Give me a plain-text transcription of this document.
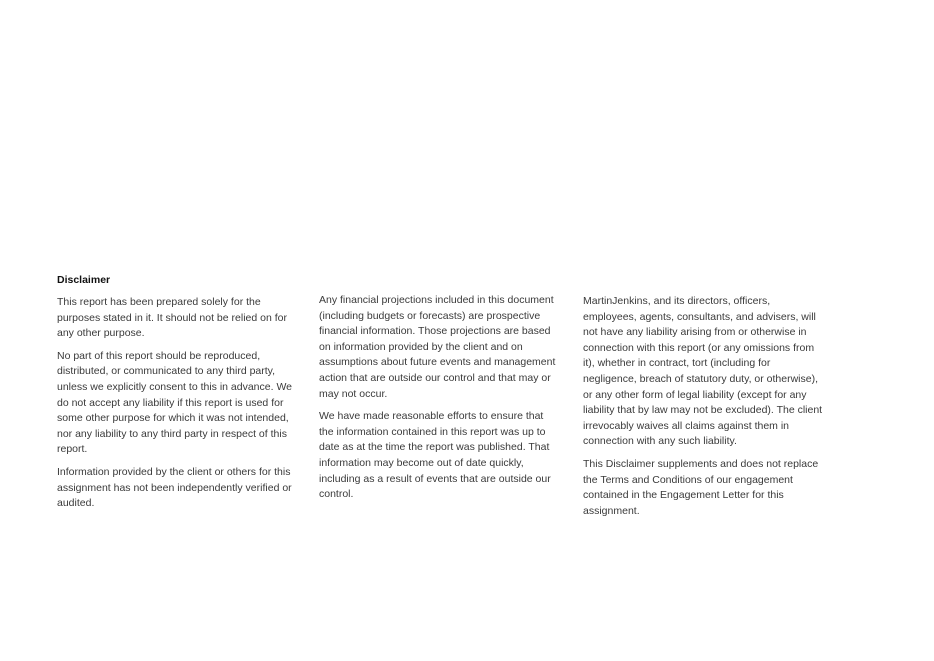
Disclaimer

This report has been prepared solely for the purposes stated in it. It should not be relied on for any other purpose.

No part of this report should be reproduced, distributed, or communicated to any third party, unless we explicitly consent to this in advance. We do not accept any liability if this report is used for some other purpose for which it was not intended, nor any liability to any third party in respect of this report.

Information provided by the client or others for this assignment has not been independently verified or audited.

Any financial projections included in this document (including budgets or forecasts) are prospective financial information. Those projections are based on information provided by the client and on assumptions about future events and management action that are outside our control and that may or may not occur.

We have made reasonable efforts to ensure that the information contained in this report was up to date as at the time the report was published. That information may become out of date quickly, including as a result of events that are outside our control.

MartinJenkins, and its directors, officers, employees, agents, consultants, and advisers, will not have any liability arising from or otherwise in connection with this report (or any omissions from it), whether in contract, tort (including for negligence, breach of statutory duty, or otherwise), or any other form of legal liability (except for any liability that by law may not be excluded). The client irrevocably waives all claims against them in connection with any such liability.

This Disclaimer supplements and does not replace the Terms and Conditions of our engagement contained in the Engagement Letter for this assignment.
